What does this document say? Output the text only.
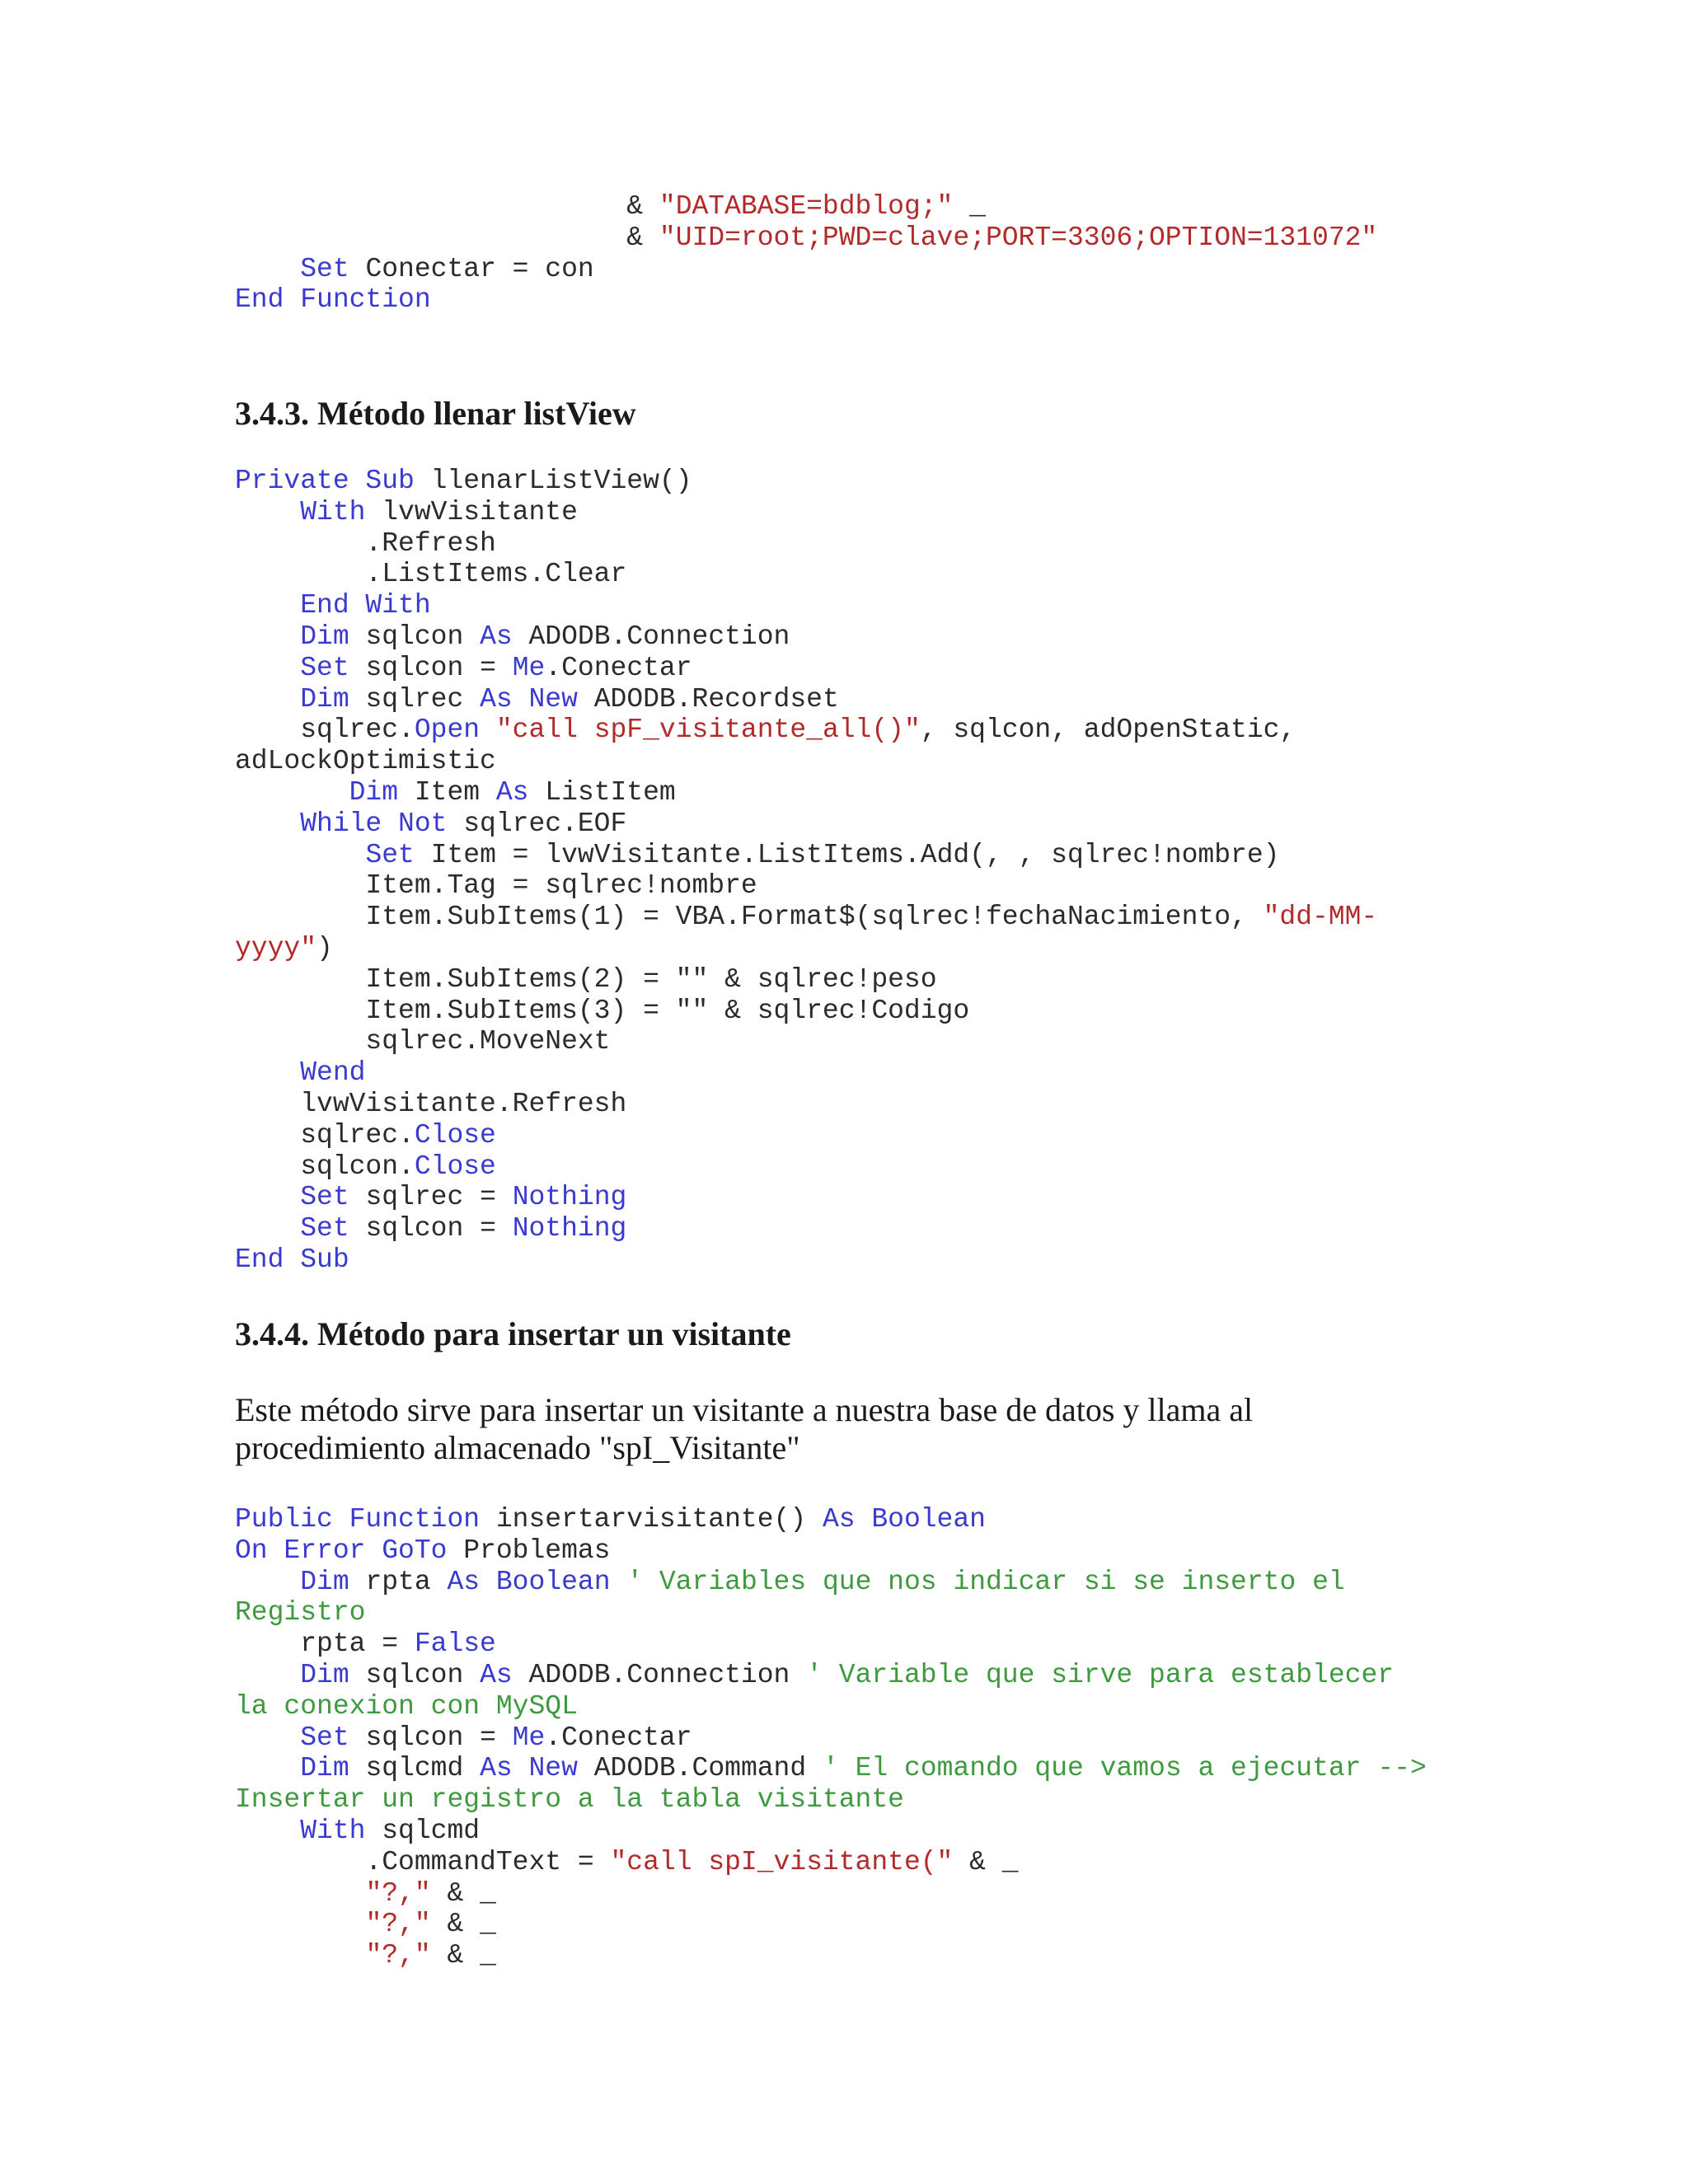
& "DATABASE=bdblog;" _
& "UID=root;PWD=clave;PORT=3306;OPTION=131072"
Set Conectar = con
End Function
3.4.3. Método llenar listView
Private Sub llenarListView()
With lvwVisitante
.Refresh
.ListItems.Clear
End With
Dim sqlcon As ADODB.Connection
Set sqlcon = Me.Conectar
Dim sqlrec As New ADODB.Recordset
sqlrec.Open "call spF_visitante_all()", sqlcon, adOpenStatic,
adLockOptimistic
Dim Item As ListItem
While Not sqlrec.EOF
Set Item = lvwVisitante.ListItems.Add(, , sqlrec!nombre)
Item.Tag = sqlrec!nombre
Item.SubItems(1) = VBA.Format$(sqlrec!fechaNacimiento, "dd-MM-
yyyy")
Item.SubItems(2) = "" & sqlrec!peso
Item.SubItems(3) = "" & sqlrec!Codigo
sqlrec.MoveNext
Wend
lvwVisitante.Refresh
sqlrec.Close
sqlcon.Close
Set sqlrec = Nothing
Set sqlcon = Nothing
End Sub
3.4.4. Método para insertar un visitante

Este método sirve para insertar un visitante a nuestra base de datos y llama al
procedimiento almacenado "spI_Visitante"

Public Function insertarvisitante() As Boolean
On Error GoTo Problemas
Dim rpta As Boolean ' Variables que nos indicar si se inserto el
Registro
rpta = False
Dim sqlcon As ADODB.Connection ' Variable que sirve para establecer
la conexion con MySQL
Set sqlcon = Me.Conectar
Dim sqlcmd As New ADODB.Command ' El comando que vamos a ejecutar -->
Insertar un registro a la tabla visitante
With sqlcmd
.CommandText = "call spI_visitante(" & _
"?," & _
"?," & _
"?," & _
